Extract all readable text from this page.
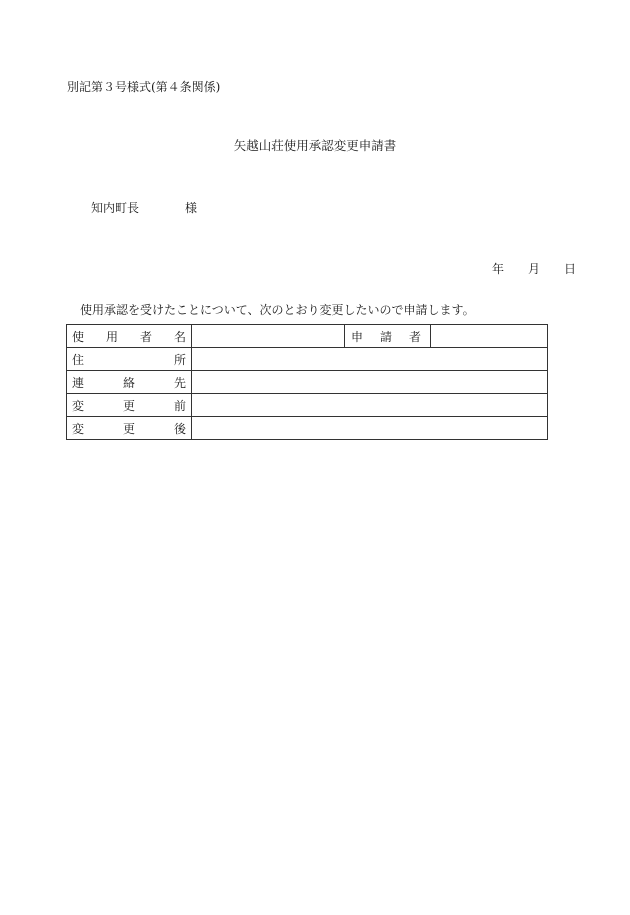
別記第３号様式(第４条関係)
矢越山荘使用承認変更申請書
知内町長	様
年 月 日
使用承認を受けたことについて、次のとおり変更したいので申請します。
使 用 者 名		申 請 者	

住 所			

連 絡 先			

変 更 前			

変 更 後			
